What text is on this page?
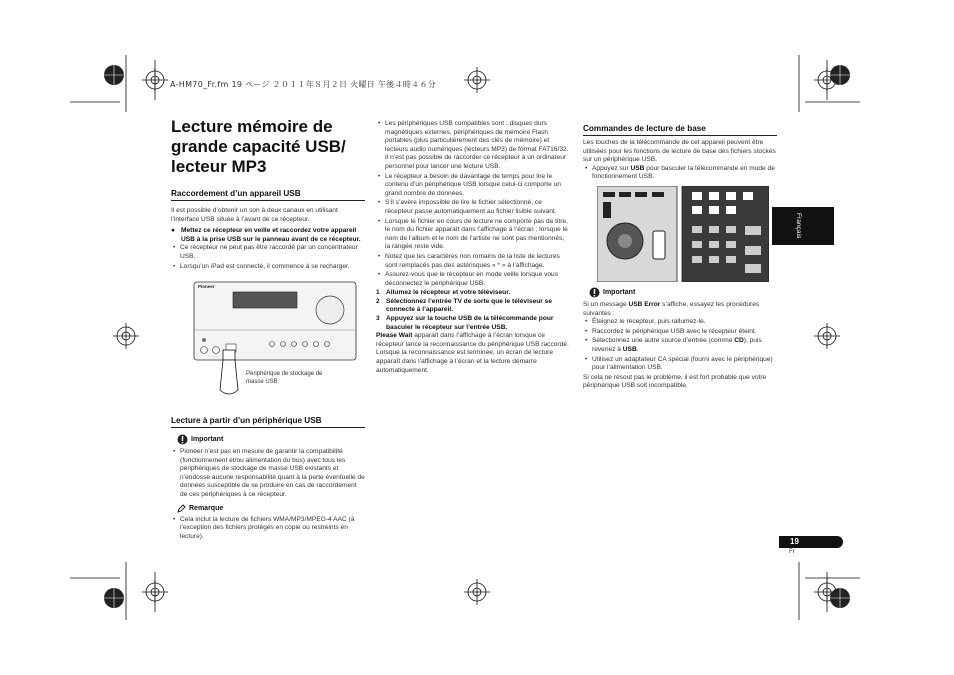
A-HM70_Fr.fm 19 ページ ２０１１年８月２日 火曜日 午後４時４６分
Lecture mémoire de
grande capacité USB/
lecteur MP3
Raccordement d’un appareil USB
Il est possible d’obtenir un son à deux canaux en utilisant l’interface USB située à l’avant de ce récepteur.
● Mettez ce récepteur en veille et raccordez votre appareil USB à la prise USB sur le panneau avant de ce récepteur.
• Ce récepteur ne peut pas être raccordé par un concentrateur USB.
• Lorsqu’un iPad est connecté, il commence à se recharger.
Pioneer
Périphérique de stockage de masse USB
Lecture à partir d’un périphérique USB
Important
• Pioneer n’est pas en mesure de garantir la compatibilité (fonctionnement et/ou alimentation du bus) avec tous les périphériques de stockage de masse USB existants et n’endosse aucune responsabilité quant à la perte éventuelle de données susceptible de se produire en cas de raccordement de ces périphériques à ce récepteur.
Remarque
• Cela inclut la lecture de fichiers WMA/MP3/MPEG-4 AAC (à l’exception des fichiers protégés en copie ou restreints en lecture).
• Les périphériques USB compatibles sont : disques durs magnétiques externes, périphériques de mémoire Flash portables (plus particulièrement des clés de mémoire) et lecteurs audio numériques (lecteurs MP3) de format FAT16/32. Il n’est pas possible de raccorder ce récepteur à un ordinateur personnel pour lancer une lecture USB.
• Le récepteur a besoin de davantage de temps pour lire le contenu d’un périphérique USB lorsque celui-ci comporte un grand nombre de données.
• S’il s’avère impossible de lire le fichier sélectionné, ce récepteur passe automatiquement au fichier lisible suivant.
• Lorsque le fichier en cours de lecture ne comporte pas de titre, le nom du fichier apparaît dans l’affichage à l’écran ; lorsque le nom de l’album et le nom de l’artiste ne sont pas mentionnés, la rangée reste vide.
• Notez que les caractères non romains de la liste de lectures sont remplacés pas des astérisques « * » à l’affichage.
• Assurez-vous que le récepteur en mode veille lorsque vous déconnectez le périphérique USB.
1 Allumez le récepteur et votre téléviseur.
2 Sélectionnez l’entrée TV de sorte que le téléviseur se connecte à l’appareil.
3 Appuyez sur la touche USB de la télécommande pour basculer le récepteur sur l’entrée USB.
Please Wait apparaît dans l’affichage à l’écran lorsque ce récepteur lance la reconnaissance du périphérique USB raccordé. Lorsque la reconnaissance est terminée, un écran de lecture apparaît dans l’affichage à l’écran et la lecture démarre automatiquement.
Commandes de lecture de base
Les touches de la télécommande de cet appareil peuvent être utilisées pour les fonctions de lecture de base des fichiers stockés sur un périphérique USB.
• Appuyez sur USB pour basculer la télécommande en mode de fonctionnement USB.
Important
Si un message USB Error s’affiche, essayez les procédures suivantes :
• Éteignez le récepteur, puis rallumez-le.
• Raccordez le périphérique USB avec le récepteur éteint.
• Sélectionnez une autre source d’entrée (comme CD), puis revenez à USB.
• Utilisez un adaptateur CA spécial (fourni avec le périphérique) pour l’alimentation USB.
Si cela ne résout pas le problème, il est fort probable que votre périphérique USB soit incompatible.
Français
19
Fr
